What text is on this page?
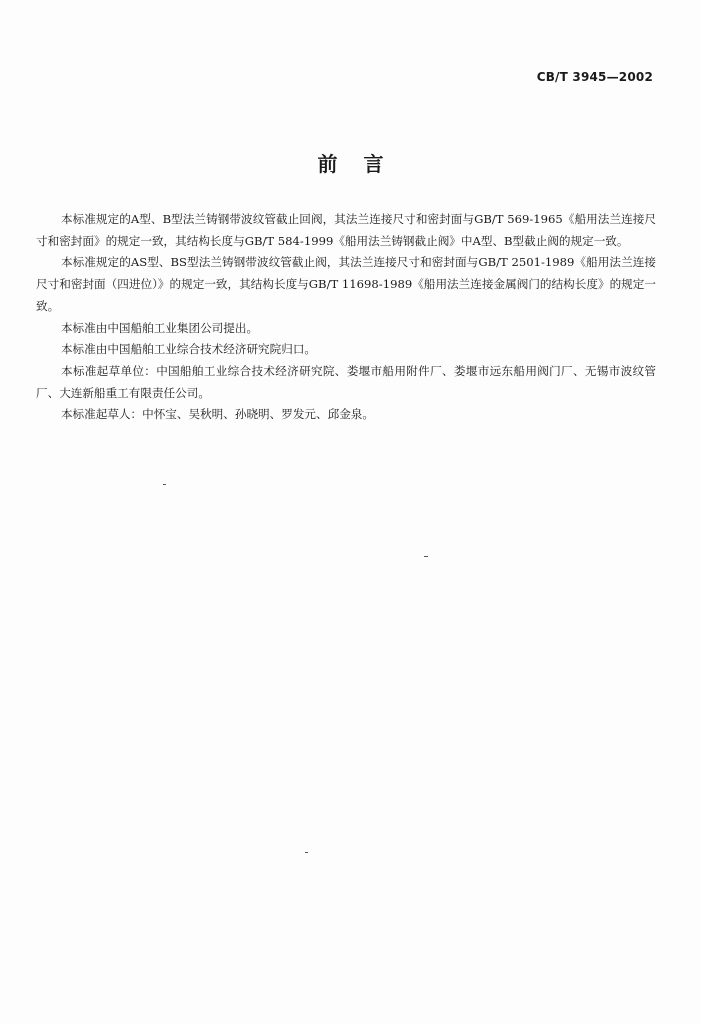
CB/T 3945—2002
前言

本标准规定的A型、B型法兰铸钢带波纹管截止回阀，其法兰连接尺寸和密封面与GB/T 569-1965《船用法兰连接尺寸和密封面》的规定一致，其结构长度与GB/T 584-1999《船用法兰铸钢截止阀》中A型、B型截止阀的规定一致。

本标准规定的AS型、BS型法兰铸钢带波纹管截止阀，其法兰连接尺寸和密封面与GB/T 2501-1989《船用法兰连接尺寸和密封面（四进位）》的规定一致，其结构长度与GB/T 11698-1989《船用法兰连接金属阀门的结构长度》的规定一致。

本标准由中国船舶工业集团公司提出。

本标准由中国船舶工业综合技术经济研究院归口。

本标准起草单位：中国船舶工业综合技术经济研究院、娄堰市船用附件厂、娄堰市远东船用阀门厂、无锡市波纹管厂、大连新船重工有限责任公司。

本标准起草人：中怀宝、吴秋明、孙晓明、罗发元、邱金泉。
